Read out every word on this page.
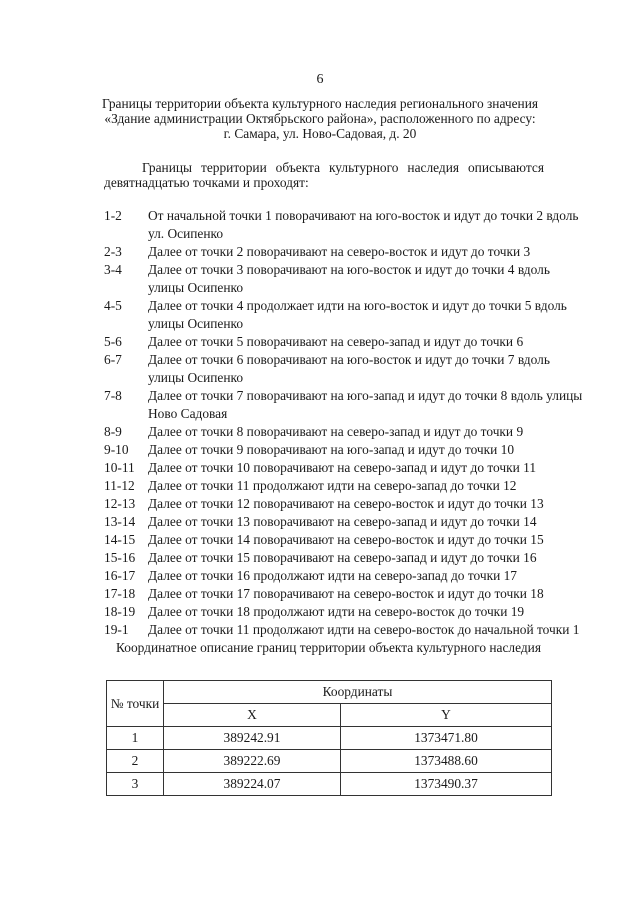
6
Границы территории объекта культурного наследия регионального значения
«Здание администрации Октябрьского района», расположенного по адресу:
г. Самара, ул. Ново-Садовая, д. 20
Границы территории объекта культурного наследия описываются девятнадцатью точками и проходят:
1-2	От начальной точки 1 поворачивают на юго-восток и идут до точки 2 вдоль ул. Осипенко
2-3	Далее от точки 2 поворачивают на северо-восток и идут до точки 3
3-4	Далее от точки 3 поворачивают на юго-восток и идут до точки 4 вдоль улицы Осипенко
4-5	Далее от точки 4 продолжает идти на юго-восток и идут до точки 5 вдоль улицы Осипенко
5-6	Далее от точки 5 поворачивают на северо-запад и идут до точки 6
6-7	Далее от точки 6 поворачивают на юго-восток и идут до точки 7 вдоль улицы Осипенко
7-8	Далее от точки 7 поворачивают на юго-запад и идут до точки 8 вдоль улицы Ново Садовая
8-9	Далее от точки 8 поворачивают на северо-запад и идут до точки 9
9-10	Далее от точки 9 поворачивают на юго-запад и идут до точки 10
10-11 Далее от точки 10 поворачивают на северо-запад и идут до точки 11
11-12 Далее от точки 11 продолжают идти на северо-запад до точки 12
12-13 Далее от точки 12 поворачивают на северо-восток и идут до точки 13
13-14 Далее от точки 13 поворачивают на северо-запад и идут до точки 14
14-15 Далее от точки 14 поворачивают на северо-восток и идут до точки 15
15-16 Далее от точки 15 поворачивают на северо-запад и идут до точки 16
16-17 Далее от точки 16 продолжают идти на северо-запад до точки 17
17-18 Далее от точки 17 поворачивают на северо-восток и идут до точки 18
18-19 Далее от точки 18 продолжают идти на северо-восток до точки 19
19-1	Далее от точки 11 продолжают идти на северо-восток до начальной точки 1
Координатное описание границ территории объекта культурного наследия
№ точки	Координаты	
	X	Y
1	389242.91	1373471.80
2	389222.69	1373488.60
3	389224.07	1373490.37
